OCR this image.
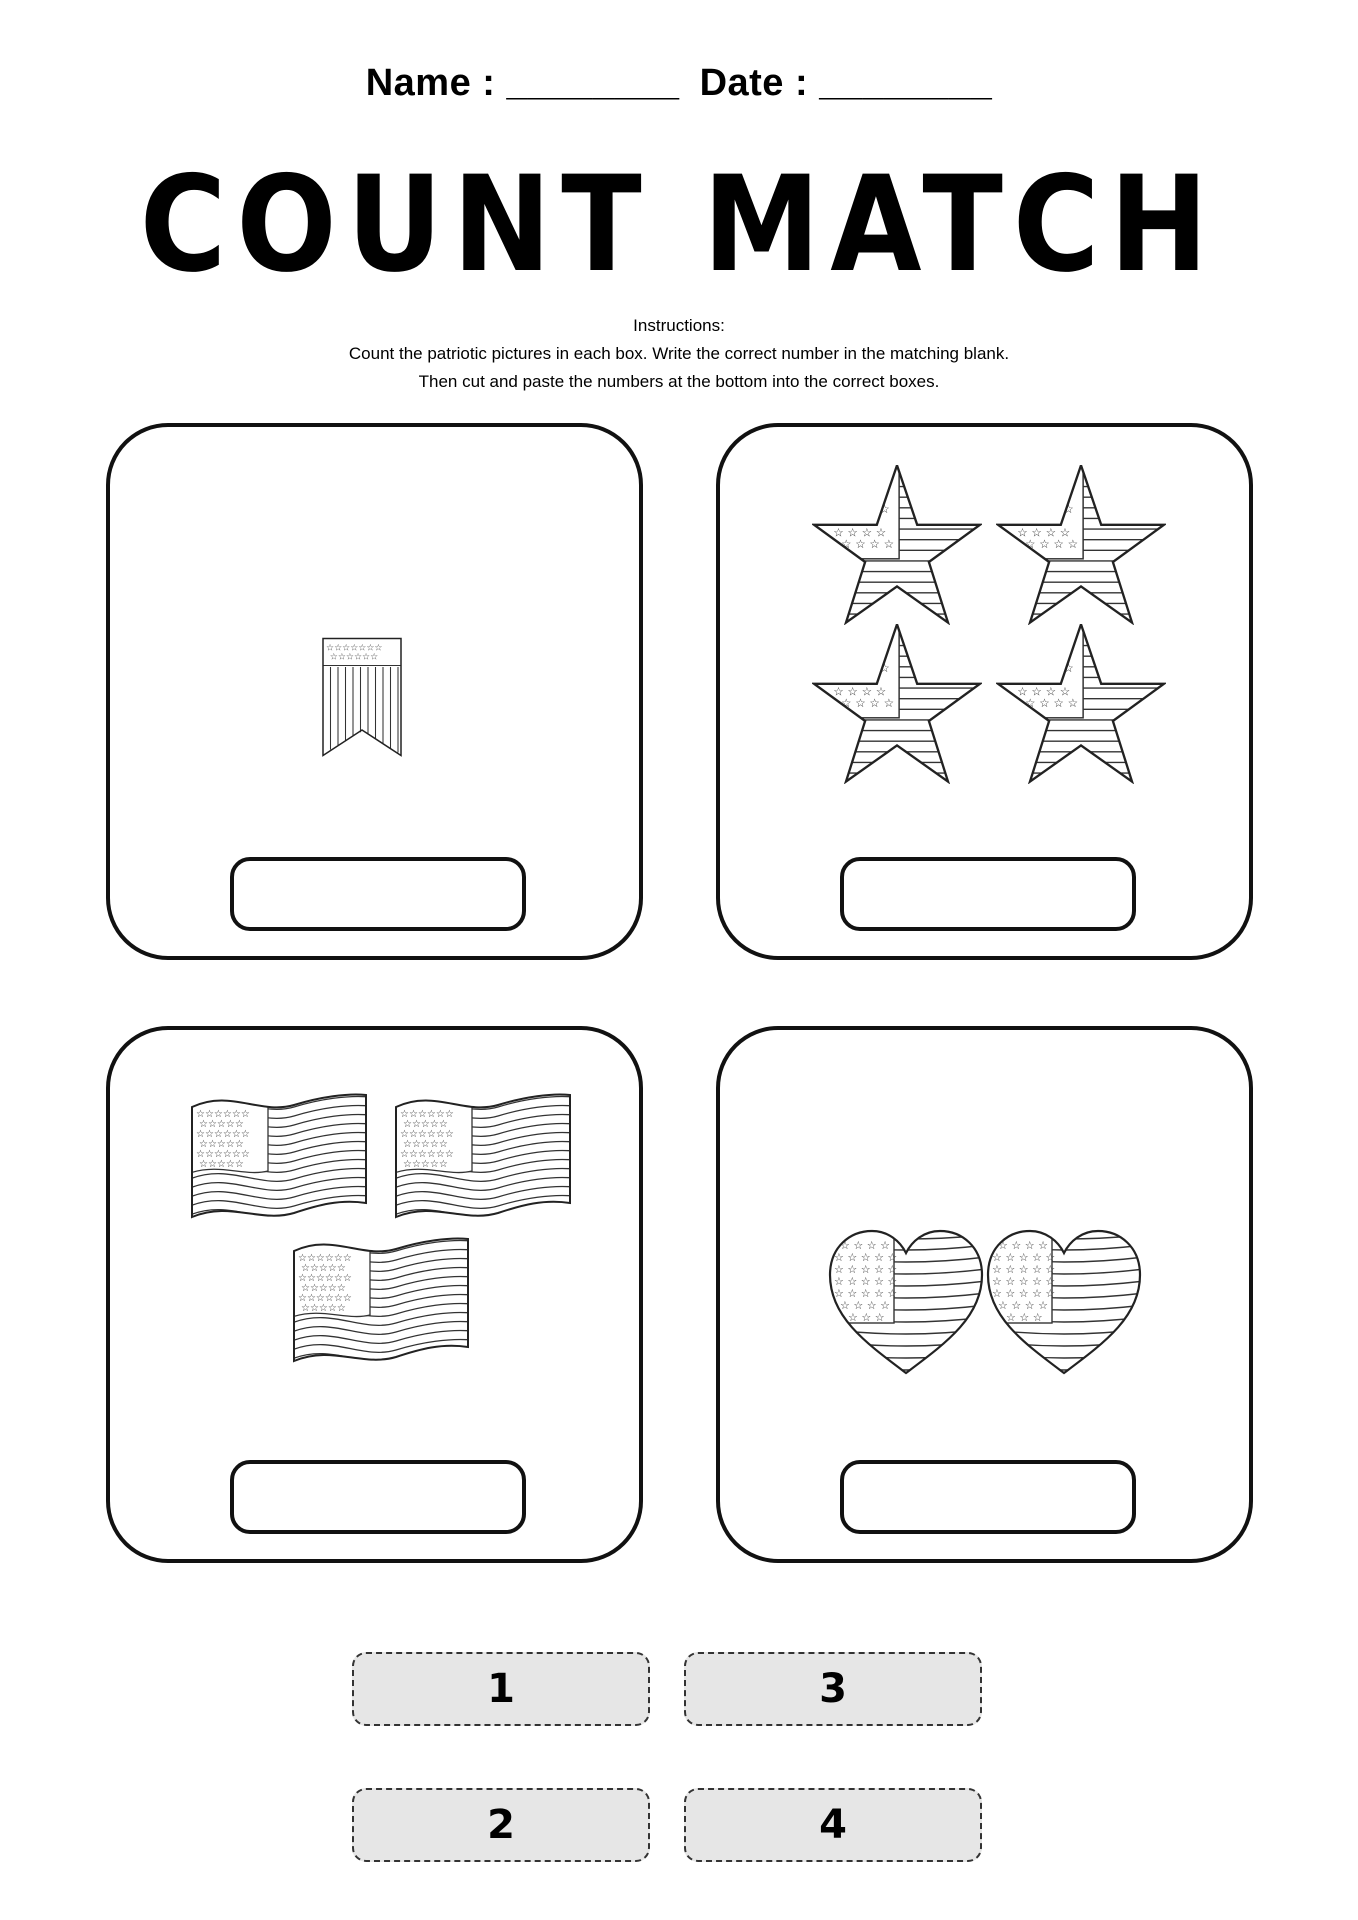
Name : ________ Date : ________
COUNT MATCH
Instructions:
Count the patriotic pictures in each box. Write the correct number in the matching blank.
Then cut and paste the numbers at the bottom into the correct boxes.
1	3
2	4
